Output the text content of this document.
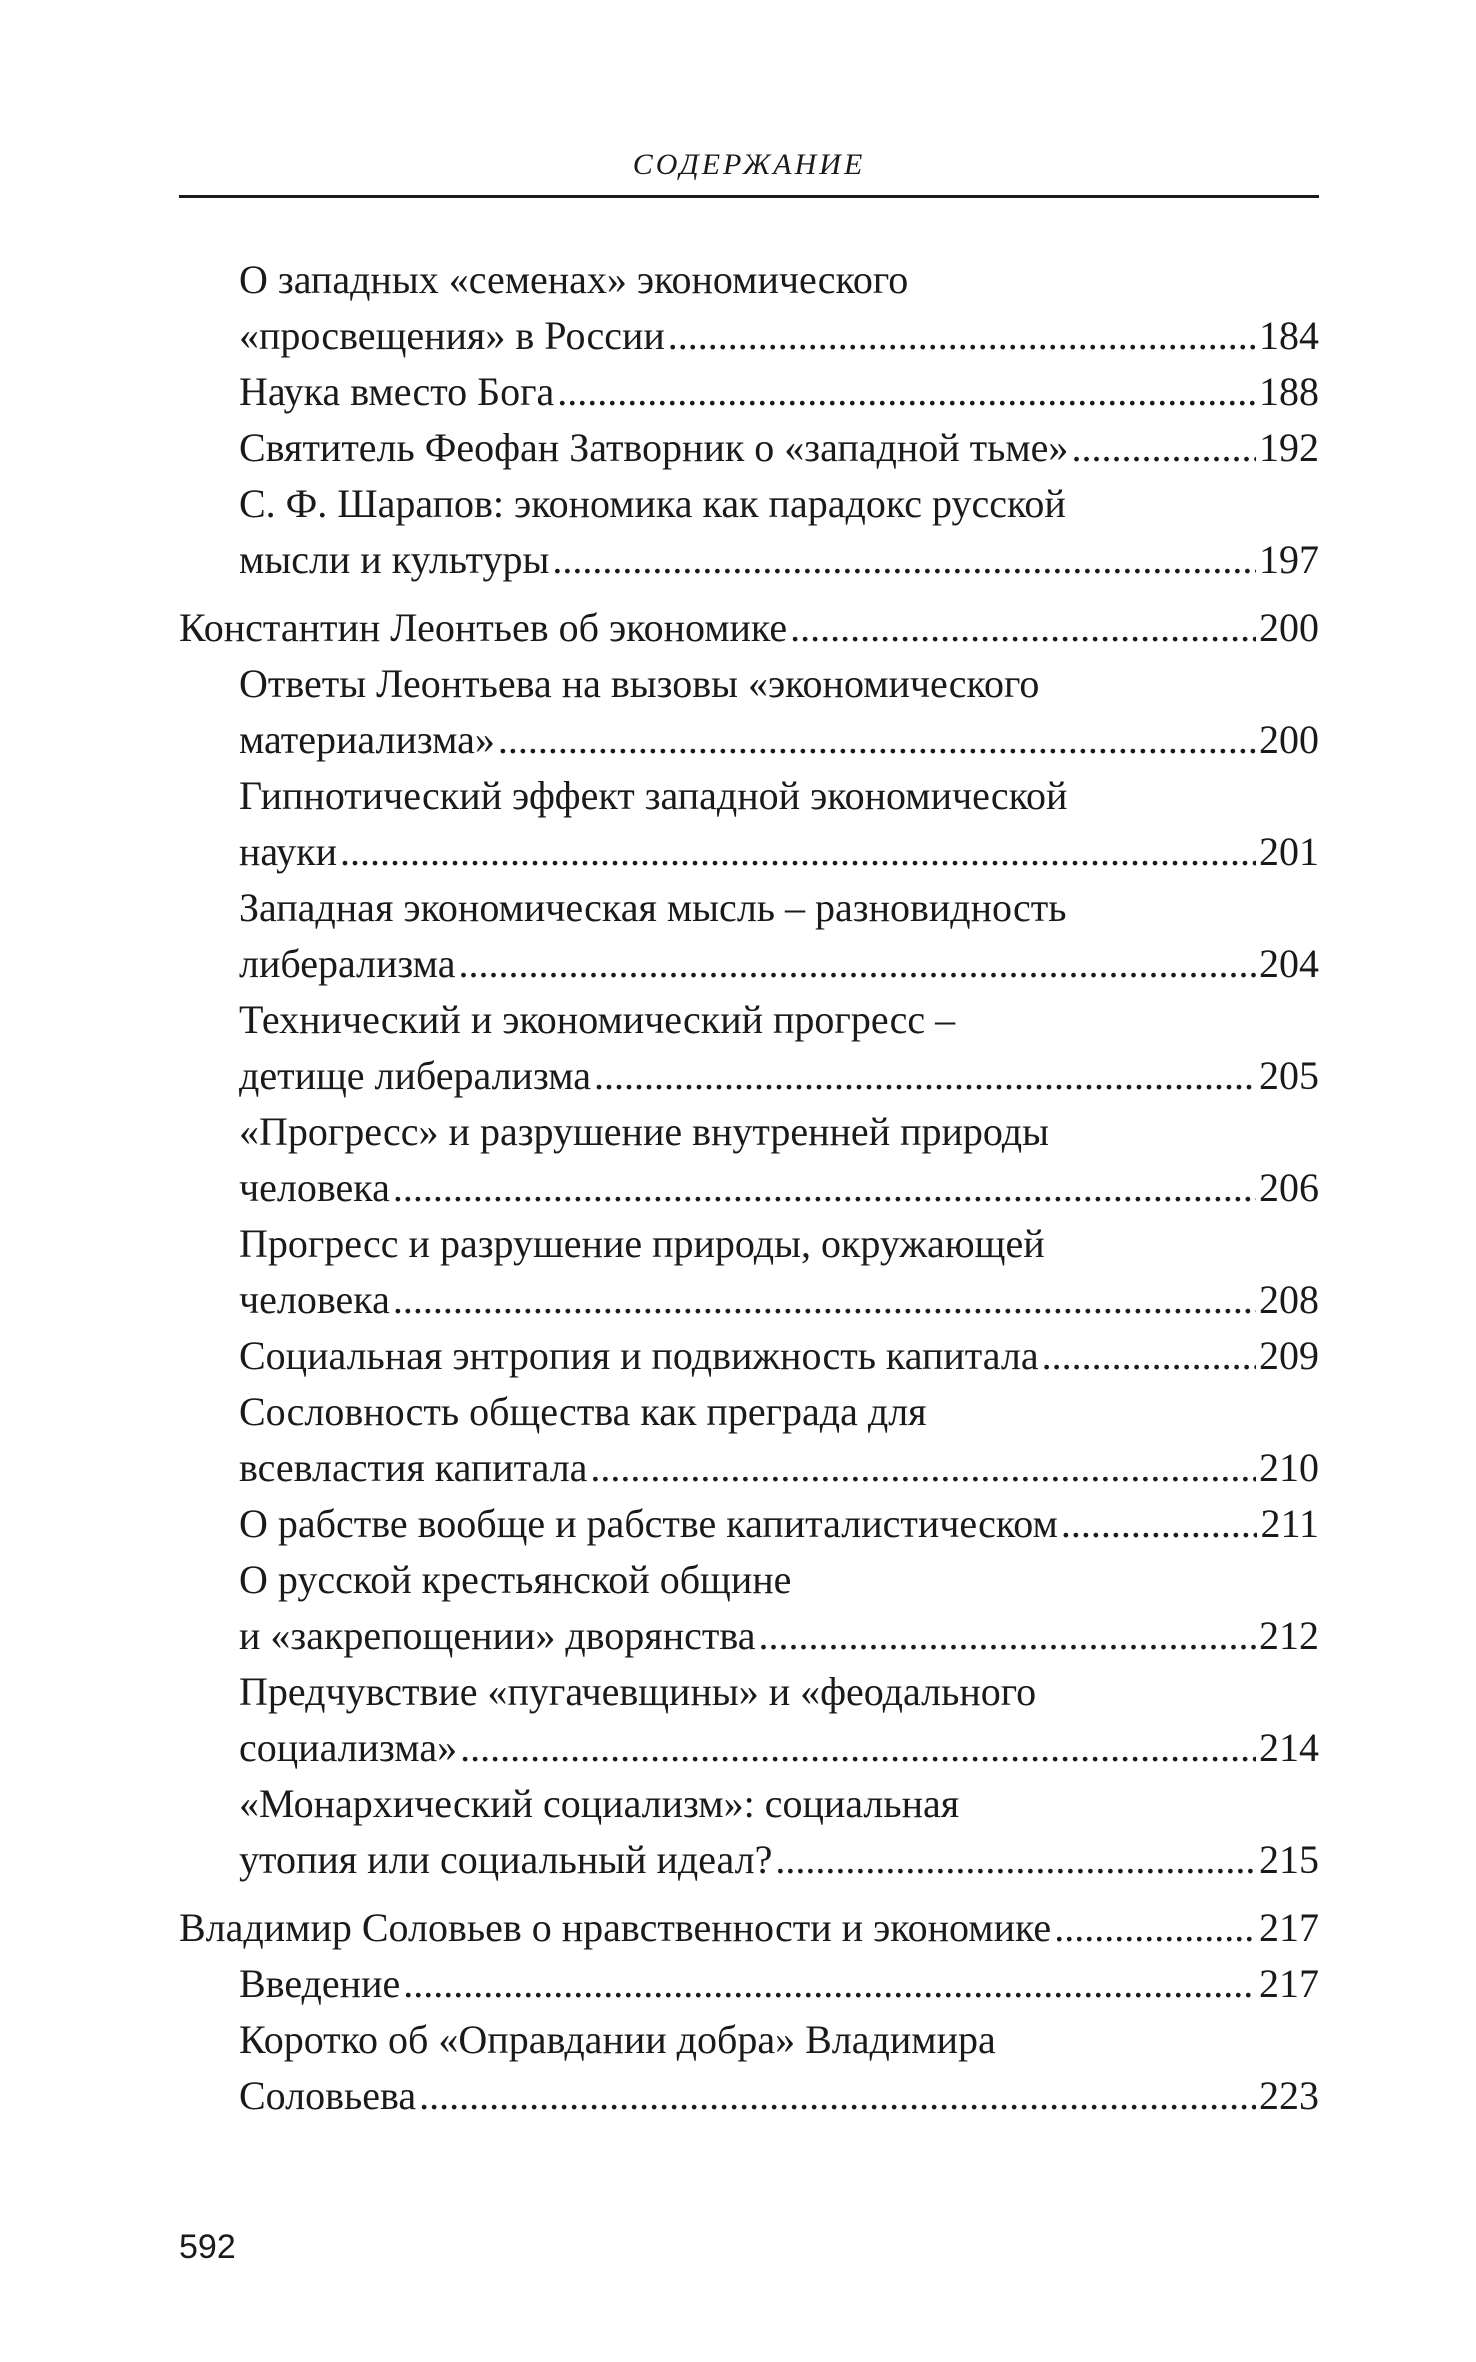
СОДЕРЖАНИЕ
О западных «семенах» экономического
«просвещения» в России .....	184
Наука вместо Бога .....	188
Святитель Феофан Затворник о «западной тьме» .....	192
С. Ф. Шарапов: экономика как парадокс русской
мысли и культуры .....	197
Константин Леонтьев об экономике .....	200
Ответы Леонтьева на вызовы «экономического
материализма» .....	200
Гипнотический эффект западной экономической
науки .....	201
Западная экономическая мысль – разновидность
либерализма .....	204
Технический и экономический прогресс –
детище либерализма .....	205
«Прогресс» и разрушение внутренней природы
человека .....	206
Прогресс и разрушение природы, окружающей
человека .....	208
Социальная энтропия и подвижность капитала .....	209
Сословность общества как преграда для
всевластия капитала .....	210
О рабстве вообще и рабстве капиталистическом .....	211
О русской крестьянской общине
и «закрепощении» дворянства .....	212
Предчувствие «пугачевщины» и «феодального
социализма» .....	214
«Монархический социализм»: социальная
утопия или социальный идеал? .....	215
Владимир Соловьев о нравственности и экономике .....	217
Введение .....	217
Коротко об «Оправдании добра» Владимира
Соловьева .....	223
592
